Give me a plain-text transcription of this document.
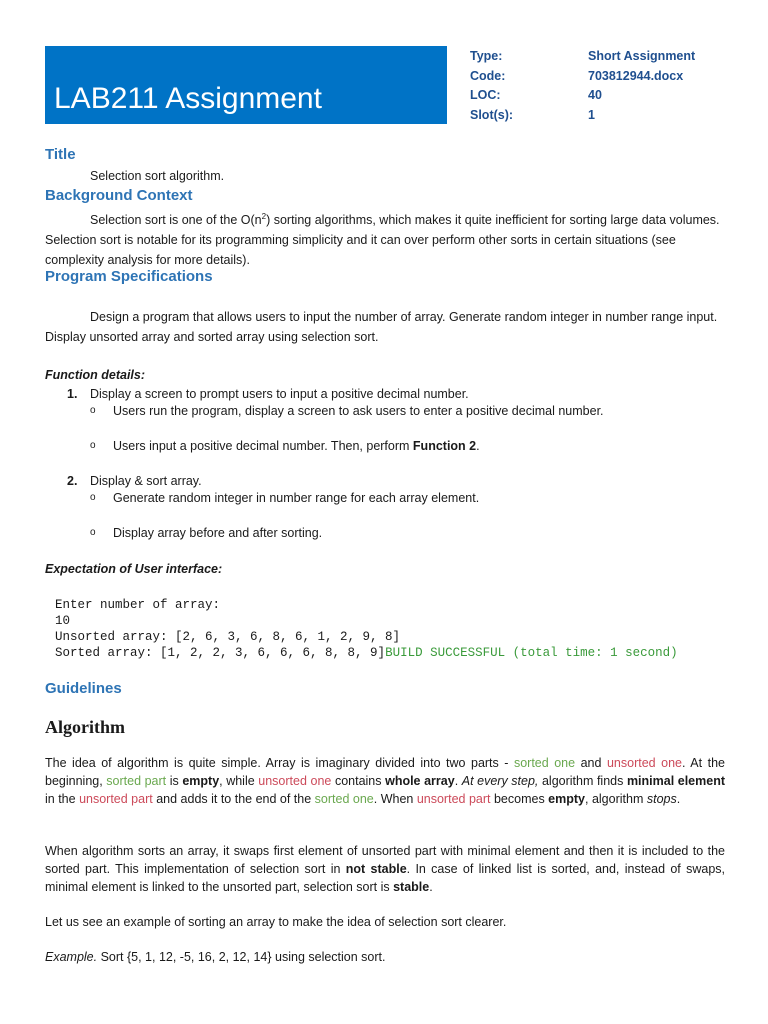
LAB211 Assignment
Type:	Short Assignment
Code:	703812944.docx
LOC:	40
Slot(s):	1
Title
Selection sort algorithm.
Background Context
Selection sort is one of the $O(n^2)$ sorting algorithms, which makes it quite inefficient for sorting large data volumes. Selection sort is notable for its programming simplicity and it can over perform other sorts in certain situations (see complexity analysis for more details).
Program Specifications
Design a program that allows users to input the number of array. Generate random integer in number range input. Display unsorted array and sorted array using selection sort.
Function details:
1. Display a screen to prompt users to input a positive decimal number.
o Users run the program, display a screen to ask users to enter a positive decimal number.
o Users input a positive decimal number. Then, perform Function 2.
2. Display & sort array.
o Generate random integer in number range for each array element.
o Display array before and after sorting.
Expectation of User interface:
Enter number of array:
10
Unsorted array: [2, 6, 3, 6, 8, 6, 1, 2, 9, 8]
Sorted array: [1, 2, 2, 3, 6, 6, 6, 8, 8, 9]BUILD SUCCESSFUL (total time: 1 second)
Guidelines
Algorithm
The idea of algorithm is quite simple. Array is imaginary divided into two parts - sorted one and unsorted one. At the beginning, sorted part is empty, while unsorted one contains whole array. At every step, algorithm finds minimal element in the unsorted part and adds it to the end of the sorted one. When unsorted part becomes empty, algorithm stops.
When algorithm sorts an array, it swaps first element of unsorted part with minimal element and then it is included to the sorted part. This implementation of selection sort in not stable. In case of linked list is sorted, and, instead of swaps, minimal element is linked to the unsorted part, selection sort is stable.
Let us see an example of sorting an array to make the idea of selection sort clearer.
Example. Sort {5, 1, 12, -5, 16, 2, 12, 14} using selection sort.
